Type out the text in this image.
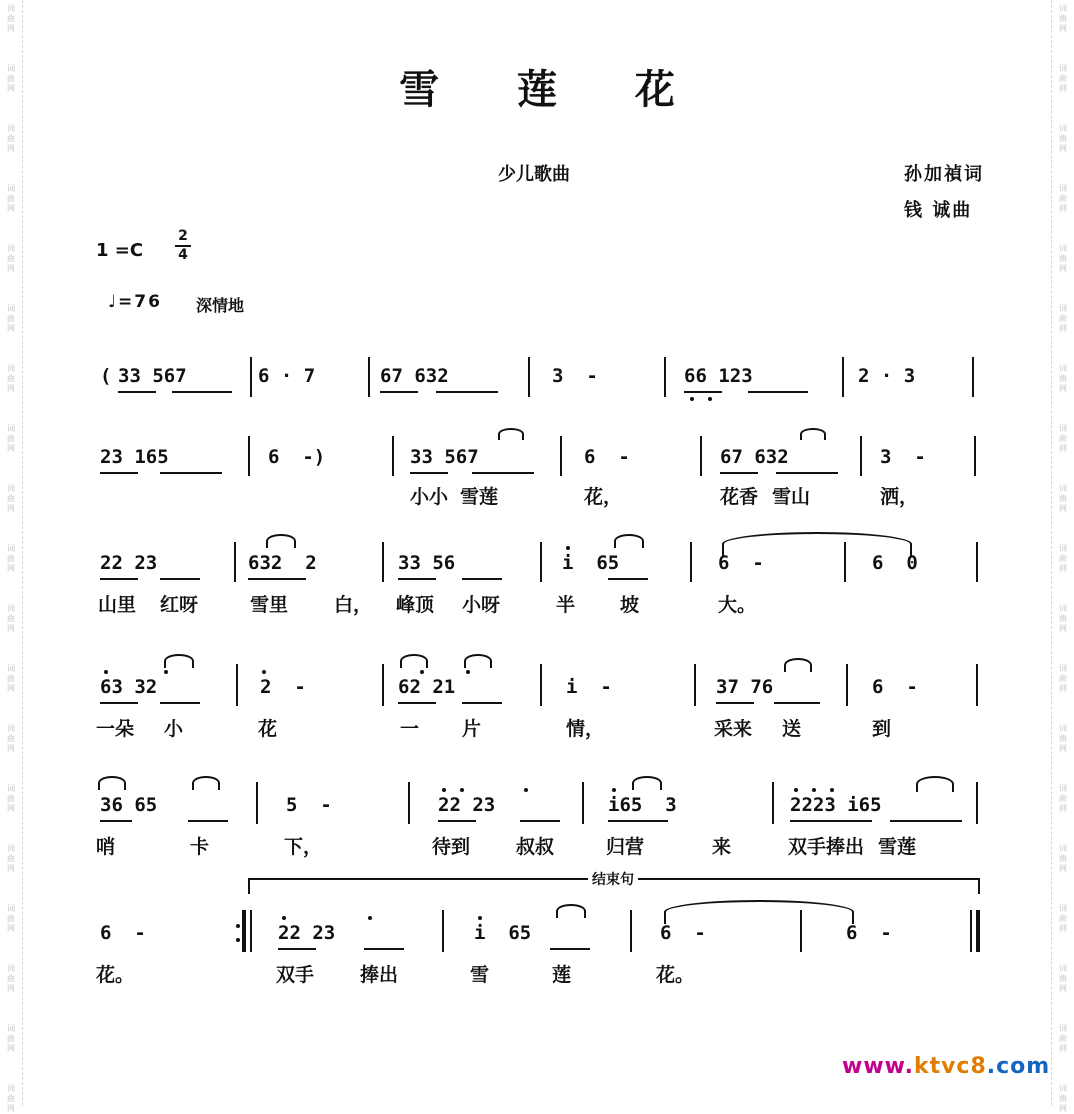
词
曲
网
词
曲
网
词
曲
网
词
曲
网
词
曲
网
词
曲
网
词
曲
网
词
曲
网
词
曲
网
词
曲
网
词
曲
网
词
曲
网
词
曲
网
词
曲
网
词
曲
网
词
曲
网
词
曲
网
词
曲
网
词
曲
网
词
曲
网
词
曲
网
词
曲
网
词
曲
网
词
曲
网
词
曲
网
词
曲
网
词
曲
网
词
曲
网
词
曲
网
词
曲
网
词
曲
网
词
曲
网
词
曲
网
词
曲
网
词
曲
网
词
曲
网
词
曲
网
词
曲
网
雪 莲 花
少儿歌曲	孙加禎词
钱 诚曲
1 =C
2
4
♩=76 深情地
( 33 567	6 · 7	67 632	3  -	66 123	2 · 3
23 165	6  -)	33 567	6  -	67 632	3  -
小小 雪莲	花，	花香 雪山	洒，
22 23	632  2	33 56	i  65	6  -	6  0
山里 红呀	雪里 白， 峰顶 小呀	半 坡	大。
63 32	2  -	62 21	i  -	37 76	6  -
一朵 小	花	一 片	情，	采来 送	到
36 65	5  -	22 23	i65  3	2223 i65
哨	卡	下，	待到 叔叔	归营	来	双手捧出 雪莲
结束句
6  -	22 23	i  65	6  -	6  -
花。	双手 捧出	雪	莲	花。
www.ktvc8.com
